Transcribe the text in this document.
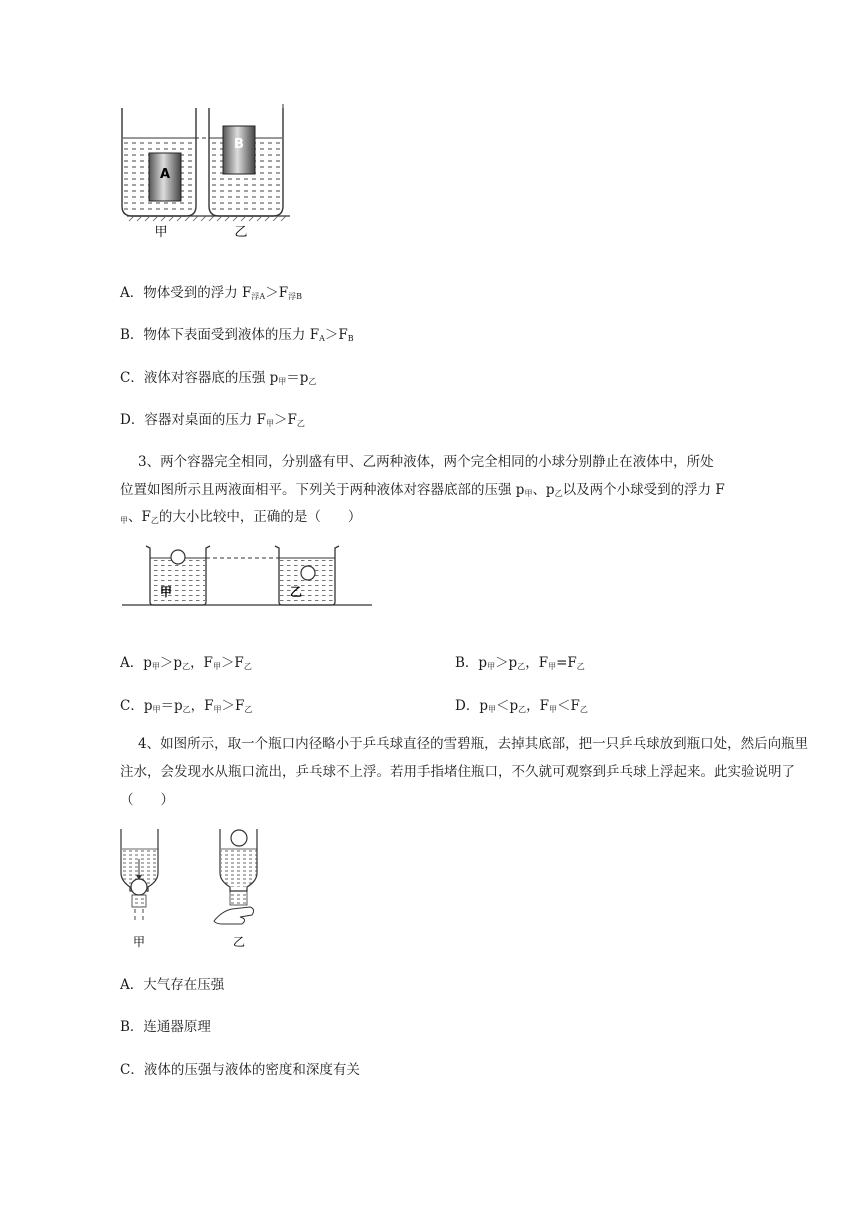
A
B
甲	乙
A．物体受到的浮力 $F_{浮A}>F_{浮B}$
B．物体下表面受到液体的压力 $F_A>F_B$
C．液体对容器底的压强 $p_甲=p_乙$
D．容器对桌面的压力 $F_甲>F_乙$
3、两个容器完全相同，分别盛有甲、乙两种液体，两个完全相同的小球分别静止在液体中，所处
位置如图所示且两液面相平。下列关于两种液体对容器底部的压强 $p_甲$、$p_乙$以及两个小球受到的浮力 F
$_甲$、$F_乙$的大小比较中，正确的是（　　）
甲	乙
A．$p_甲>p_乙$，$F_甲>F_乙$	B．$p_甲>p_乙$，$F_甲=F_乙$
C．$p_甲=p_乙$，$F_甲>F_乙$	D．$p_甲<p_乙$，$F_甲<F_乙$
4、如图所示，取一个瓶口内径略小于乒乓球直径的雪碧瓶，去掉其底部，把一只乒乓球放到瓶口处，然后向瓶里注水，会发现水从瓶口流出，乒乓球不上浮。若用手指堵住瓶口，不久就可观察到乒乓球上浮起来。此实验说明了（　　）
甲	乙
A．大气存在压强
B．连通器原理
C．液体的压强与液体的密度和深度有关
